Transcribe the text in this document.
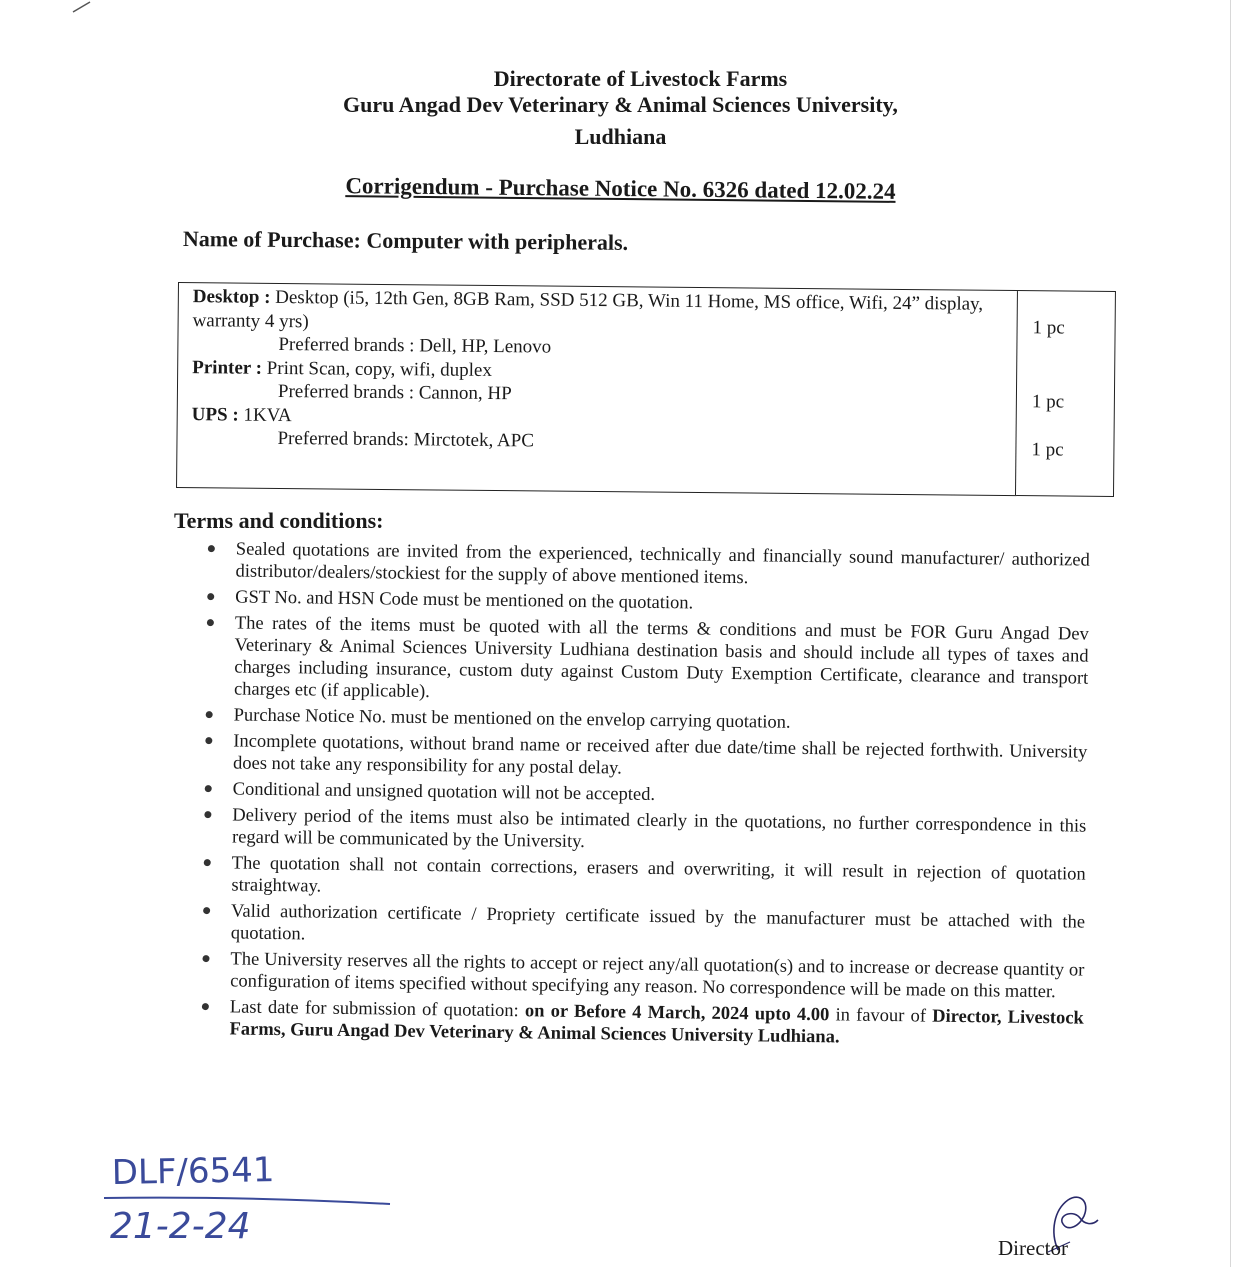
Directorate of Livestock Farms
Guru Angad Dev Veterinary & Animal Sciences University,
Ludhiana
Corrigendum - Purchase Notice No. 6326 dated 12.02.24
Name of Purchase: Computer with peripherals.
Desktop : Desktop (i5, 12th Gen, 8GB Ram, SSD 512 GB, Win 11 Home, MS office, Wifi, 24” display, warranty 4 yrs)
Preferred brands : Dell, HP, Lenovo
Printer : Print Scan, copy, wifi, duplex
Preferred brands : Cannon, HP
UPS : 1KVA
Preferred brands: Mirctotek, APC
1 pc
1 pc
1 pc
Terms and conditions:
Sealed quotations are invited from the experienced, technically and financially sound manufacturer/ authorized distributor/dealers/stockiest for the supply of above mentioned items.
GST No. and HSN Code must be mentioned on the quotation.
The rates of the items must be quoted with all the terms & conditions and must be FOR Guru Angad Dev Veterinary & Animal Sciences University Ludhiana destination basis and should include all types of taxes and charges including insurance, custom duty against Custom Duty Exemption Certificate, clearance and transport charges etc (if applicable).
Purchase Notice No. must be mentioned on the envelop carrying quotation.
Incomplete quotations, without brand name or received after due date/time shall be rejected forthwith. University does not take any responsibility for any postal delay.
Conditional and unsigned quotation will not be accepted.
Delivery period of the items must also be intimated clearly in the quotations, no further correspondence in this regard will be communicated by the University.
The quotation shall not contain corrections, erasers and overwriting, it will result in rejection of quotation straightway.
Valid authorization certificate / Propriety certificate issued by the manufacturer must be attached with the quotation.
The University reserves all the rights to accept or reject any/all quotation(s) and to increase or decrease quantity or configuration of items specified without specifying any reason. No correspondence will be made on this matter.
Last date for submission of quotation: on or Before 4 March, 2024 upto 4.00 in favour of Director, Livestock Farms, Guru Angad Dev Veterinary & Animal Sciences University Ludhiana.
DLF/6541
21-2-24
Director
